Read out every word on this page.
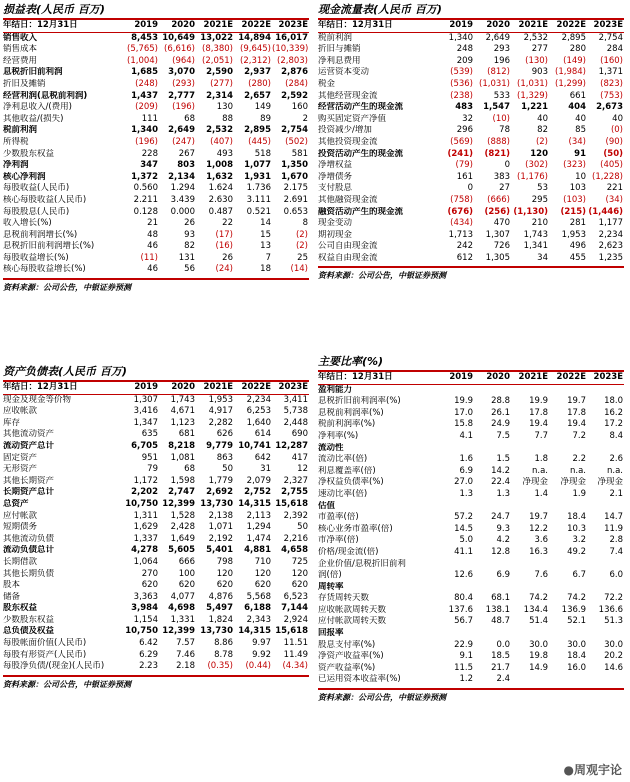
损益表(人民币 百万)
年结日：12月31日	2019	2020	2021E	2022E	2023E
销售收入	8,453	10,649	13,022	14,894	16,017
销售成本	(5,765)	(6,616)	(8,380)	(9,645)	(10,339)
经营费用	(1,004)	(964)	(2,051)	(2,312)	(2,803)
息税折旧前利润	1,685	3,070	2,590	2,937	2,876
折旧及摊销	(248)	(293)	(277)	(280)	(284)
经营利润(息税前利润)	1,437	2,777	2,314	2,657	2,592
净利息收入/(费用)	(209)	(196)	130	149	160
其他收益/(损失)	111	68	88	89	2
税前利润	1,340	2,649	2,532	2,895	2,754
所得税	(196)	(247)	(407)	(445)	(502)
少数股东权益	228	267	493	518	581
净利润	347	803	1,008	1,077	1,350
核心净利润	1,372	2,134	1,632	1,931	1,670
每股收益(人民币)	0.560	1.294	1.624	1.736	2.175
核心每股收益(人民币)	2.211	3.439	2.630	3.111	2.691
每股股息(人民币)	0.128	0.000	0.487	0.521	0.653
收入增长(%)	21	26	22	14	8
息税前利润增长(%)	48	93	(17)	15	(2)
息税折旧前利润增长(%)	46	82	(16)	13	(2)
每股收益增长(%)	(11)	131	26	7	25
核心每股收益增长(%)	46	56	(24)	18	(14)
资料来源：公司公告，中银证券预测
现金流量表(人民币 百万)
年结日：12月31日	2019	2020	2021E	2022E	2023E
税前利润	1,340	2,649	2,532	2,895	2,754
折旧与摊销	248	293	277	280	284
净利息费用	209	196	(130)	(149)	(160)
运营资本变动	(539)	(812)	903	(1,984)	1,371
税金	(536)	(1,031)	(1,031)	(1,299)	(823)
其他经营现金流	(238)	533	(1,329)	661	(753)
经营活动产生的现金流	483	1,547	1,221	404	2,673
购买固定资产净值	32	(10)	40	40	40
投资减少/增加	296	78	82	85	(0)
其他投资现金流	(569)	(888)	(2)	(34)	(90)
投资活动产生的现金流	(241)	(821)	120	91	(50)
净增权益	(79)	0	(302)	(323)	(405)
净增债务	161	383	(1,176)	10	(1,228)
支付股息	0	27	53	103	221
其他融资现金流	(758)	(666)	295	(103)	(34)
融资活动产生的现金流	(676)	(256)	(1,130)	(215)	(1,446)
现金变动	(434)	470	210	281	1,177
期初现金	1,713	1,307	1,743	1,953	2,234
公司自由现金流	242	726	1,341	496	2,623
权益自由现金流	612	1,305	34	455	1,235
资料来源：公司公告，中银证券预测
资产负债表(人民币 百万)
年结日：12月31日	2019	2020	2021E	2022E	2023E
现金及现金等价物	1,307	1,743	1,953	2,234	3,411
应收帐款	3,416	4,671	4,917	6,253	5,738
库存	1,347	1,123	2,282	1,640	2,448
其他流动资产	635	681	626	614	690
流动资产总计	6,705	8,218	9,779	10,741	12,287
固定资产	951	1,081	863	642	417
无形资产	79	68	50	31	12
其他长期资产	1,172	1,598	1,779	2,079	2,327
长期资产总计	2,202	2,747	2,692	2,752	2,755
总资产	10,750	12,399	13,730	14,315	15,618
应付帐款	1,311	1,528	2,138	2,113	2,392
短期债务	1,629	2,428	1,071	1,294	50
其他流动负债	1,337	1,649	2,192	1,474	2,216
流动负债总计	4,278	5,605	5,401	4,881	4,658
长期借款	1,064	666	798	710	725
其他长期负债	270	100	120	120	120
股本	620	620	620	620	620
储备	3,363	4,077	4,876	5,568	6,523
股东权益	3,984	4,698	5,497	6,188	7,144
少数股东权益	1,154	1,331	1,824	2,343	2,924
总负债及权益	10,750	12,399	13,730	14,315	15,618
每股帐面价值(人民币)	6.42	7.57	8.86	9.97	11.51
每股有形资产(人民币)	6.29	7.46	8.78	9.92	11.49
每股净负债/(现金)(人民币)	2.23	2.18	(0.35)	(0.44)	(4.34)
资料来源：公司公告，中银证券预测
主要比率(%)
年结日：12月31日	2019	2020	2021E	2022E	2023E
盈利能力					
息税折旧前利润率(%)	19.9	28.8	19.9	19.7	18.0
息税前利润率(%)	17.0	26.1	17.8	17.8	16.2
税前利润率(%)	15.8	24.9	19.4	19.4	17.2
净利率(%)	4.1	7.5	7.7	7.2	8.4
流动性					
流动比率(倍)	1.6	1.5	1.8	2.2	2.6
利息覆盖率(倍)	6.9	14.2	n.a.	n.a.	n.a.
净权益负债率(%)	27.0	22.4	净现金	净现金	净现金
速动比率(倍)	1.3	1.3	1.4	1.9	2.1
估值					
市盈率(倍)	57.2	24.7	19.7	18.4	14.7
核心业务市盈率(倍)	14.5	9.3	12.2	10.3	11.9
市净率(倍)	5.0	4.2	3.6	3.2	2.8
价格/现金流(倍)	41.1	12.8	16.3	49.2	7.4
企业价值/息税折旧前利					
润(倍)	12.6	6.9	7.6	6.7	6.0
周转率					
存货周转天数	80.4	68.1	74.2	74.2	72.2
应收帐款周转天数	137.6	138.1	134.4	136.9	136.6
应付帐款周转天数	56.7	48.7	51.4	52.1	51.3
回报率					
股息支付率(%)	22.9	0.0	30.0	30.0	30.0
净资产收益率(%)	9.1	18.5	19.8	18.4	20.2
资产收益率(%)	11.5	21.7	14.9	16.0	14.6
已运用资本收益率(%)	1.2	2.4			
资料来源：公司公告，中银证券预测
●周观宇论
